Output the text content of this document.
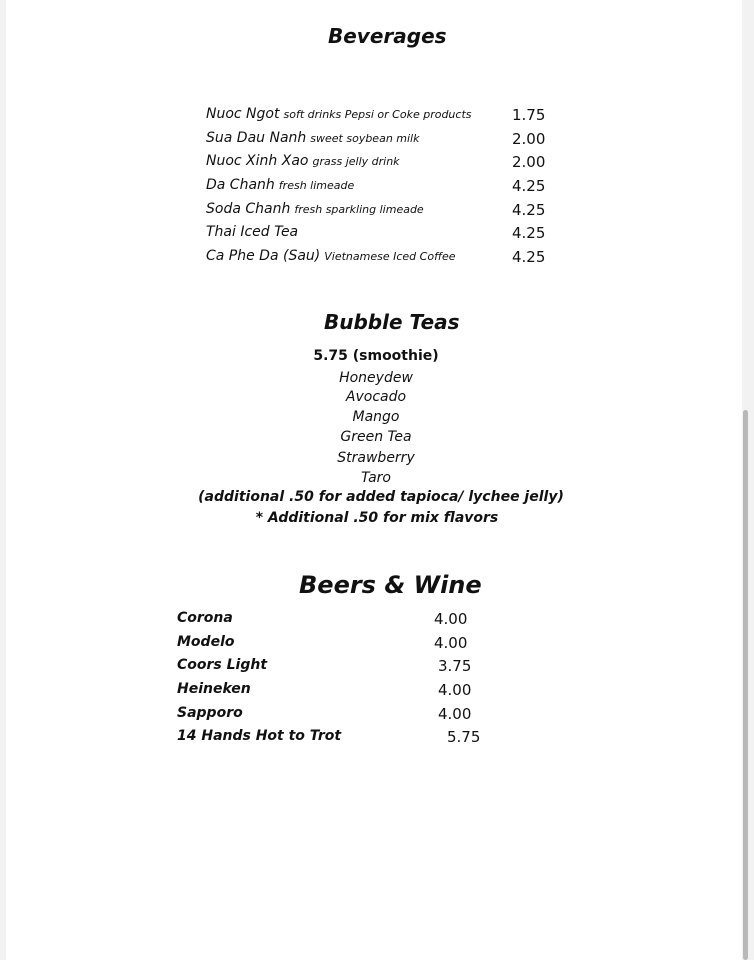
Beverages
Nuoc Ngot soft drinks Pepsi or Coke products	1.75
Sua Dau Nanh sweet soybean milk	2.00
Nuoc Xinh Xao grass jelly drink	2.00
Da Chanh fresh limeade	4.25
Soda Chanh fresh sparkling limeade	4.25
Thai Iced Tea	4.25
Ca Phe Da (Sau) Vietnamese Iced Coffee	4.25
Bubble Teas
5.75 (smoothie)
Honeydew
Avocado
Mango
Green Tea
Strawberry
Taro
(additional .50 for added tapioca/ lychee jelly)
* Additional .50 for mix flavors
Beers & Wine
Corona	4.00
Modelo	4.00
Coors Light	3.75
Heineken	4.00
Sapporo	4.00
14 Hands Hot to Trot	5.75
